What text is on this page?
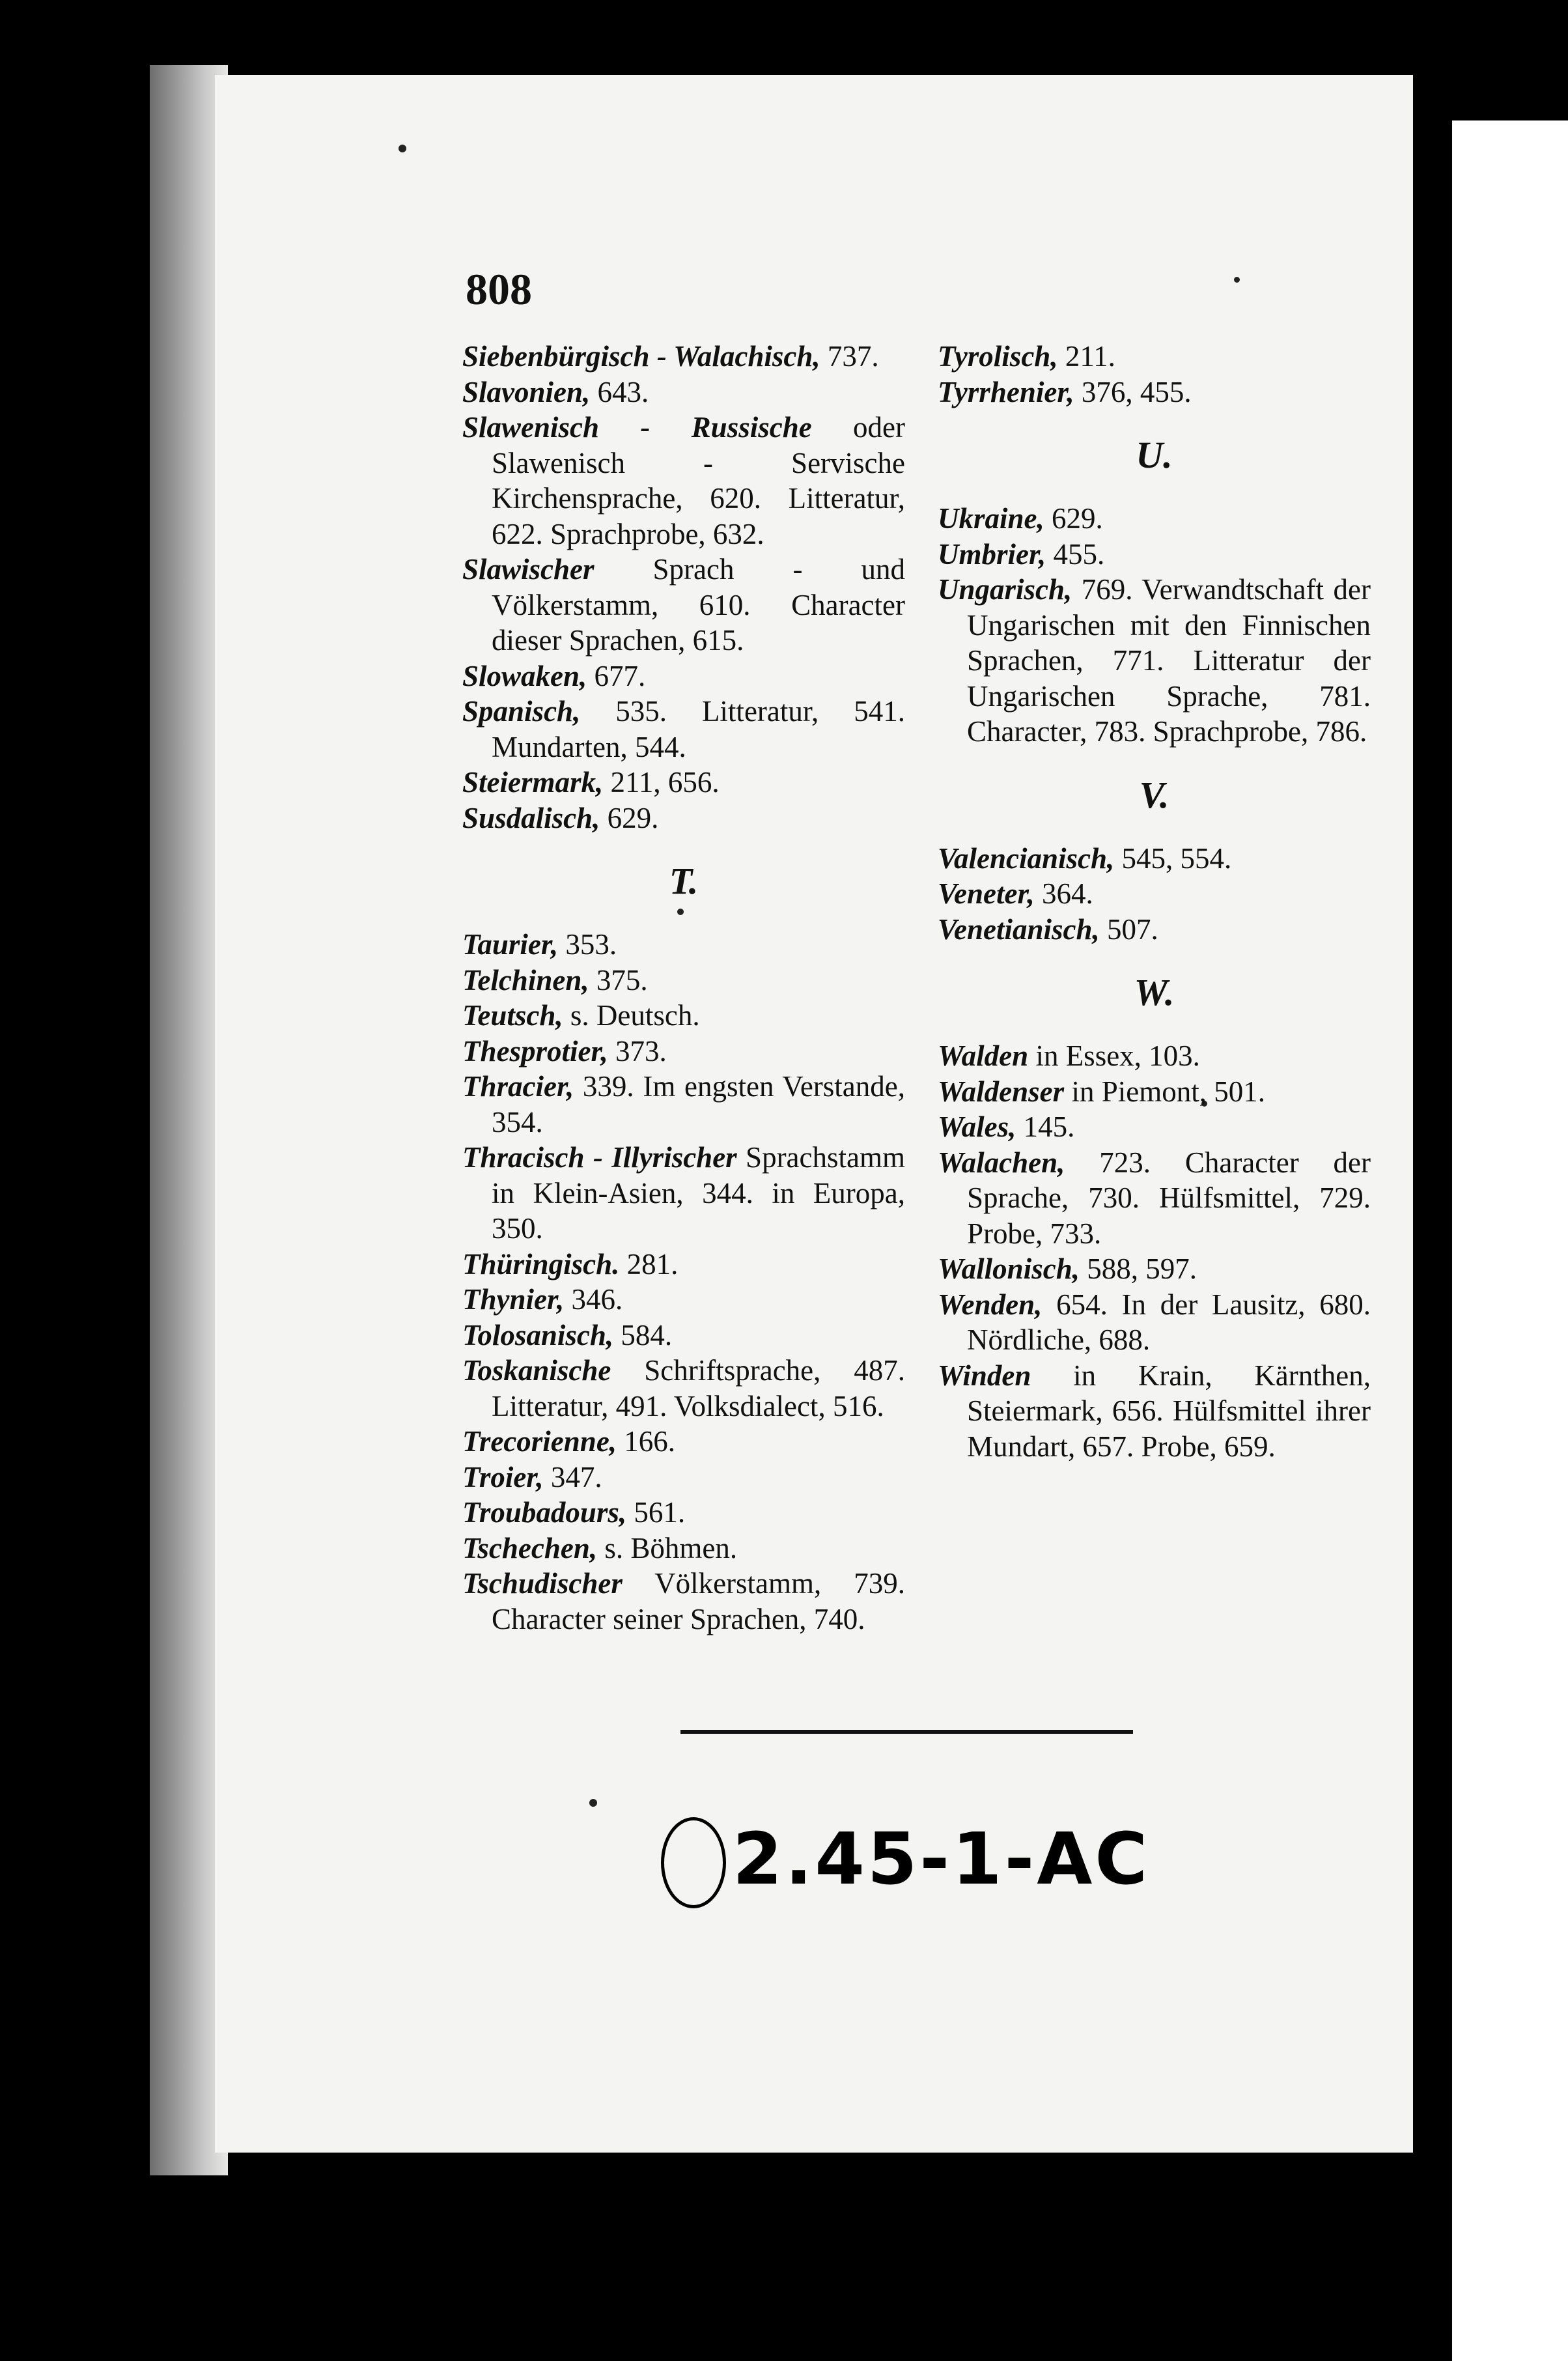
808

Siebenbürgisch - Walachisch, 737.

Slavonien, 643.

Slawenisch - Russische oder Slawenisch - Servische Kirchensprache, 620. Litteratur, 622. Sprachprobe, 632.

Slawischer Sprach - und Völkerstamm, 610. Character dieser Sprachen, 615.

Slowaken, 677.

Spanisch, 535. Litteratur, 541. Mundarten, 544.

Steiermark, 211, 656.

Susdalisch, 629.

T.

Taurier, 353.

Telchinen, 375.

Teutsch, s. Deutsch.

Thesprotier, 373.

Thracier, 339. Im engsten Verstande, 354.

Thracisch - Illyrischer Sprachstamm in Klein-Asien, 344. in Europa, 350.

Thüringisch. 281.

Thynier, 346.

Tolosanisch, 584.

Toskanische Schriftsprache, 487. Litteratur, 491. Volksdialect, 516.

Trecorienne, 166.

Troier, 347.

Troubadours, 561.

Tschechen, s. Böhmen.

Tschudischer Völkerstamm, 739. Character seiner Sprachen, 740.

Tyrolisch, 211.

Tyrrhenier, 376, 455.

U.

Ukraine, 629.

Umbrier, 455.

Ungarisch, 769. Verwandtschaft der Ungarischen mit den Finnischen Sprachen, 771. Litteratur der Ungarischen Sprache, 781. Character, 783. Sprachprobe, 786.

V.

Valencianisch, 545, 554.

Veneter, 364.

Venetianisch, 507.

W.

Walden in Essex, 103.

Waldenser in Piemont, 501.

Wales, 145.

Walachen, 723. Character der Sprache, 730. Hülfsmittel, 729. Probe, 733.

Wallonisch, 588, 597.

Wenden, 654. In der Lausitz, 680. Nördliche, 688.

Winden in Krain, Kärnthen, Steiermark, 656. Hülfsmittel ihrer Mundart, 657. Probe, 659.

2.45-1-AC
